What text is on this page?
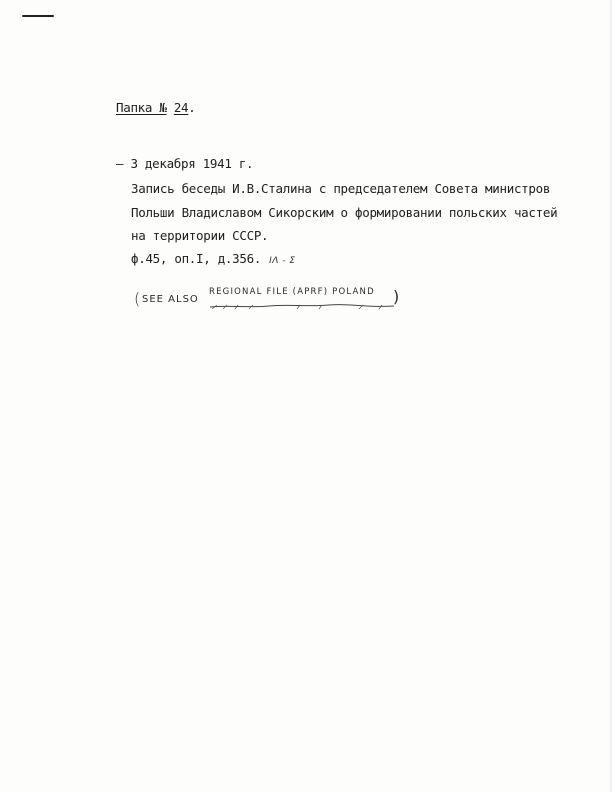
Папка № 24.
– 3 декабря 1941 г.
Запись беседы И.В.Сталина с председателем Совета министров
Польши Владиславом Сикорским о формировании польских частей
на территории СССР.
ф.45, оп.I, д.356. ΙΛ - Σ
( SEE ALSO
REGIONAL FILE (APRF) POLAND )
